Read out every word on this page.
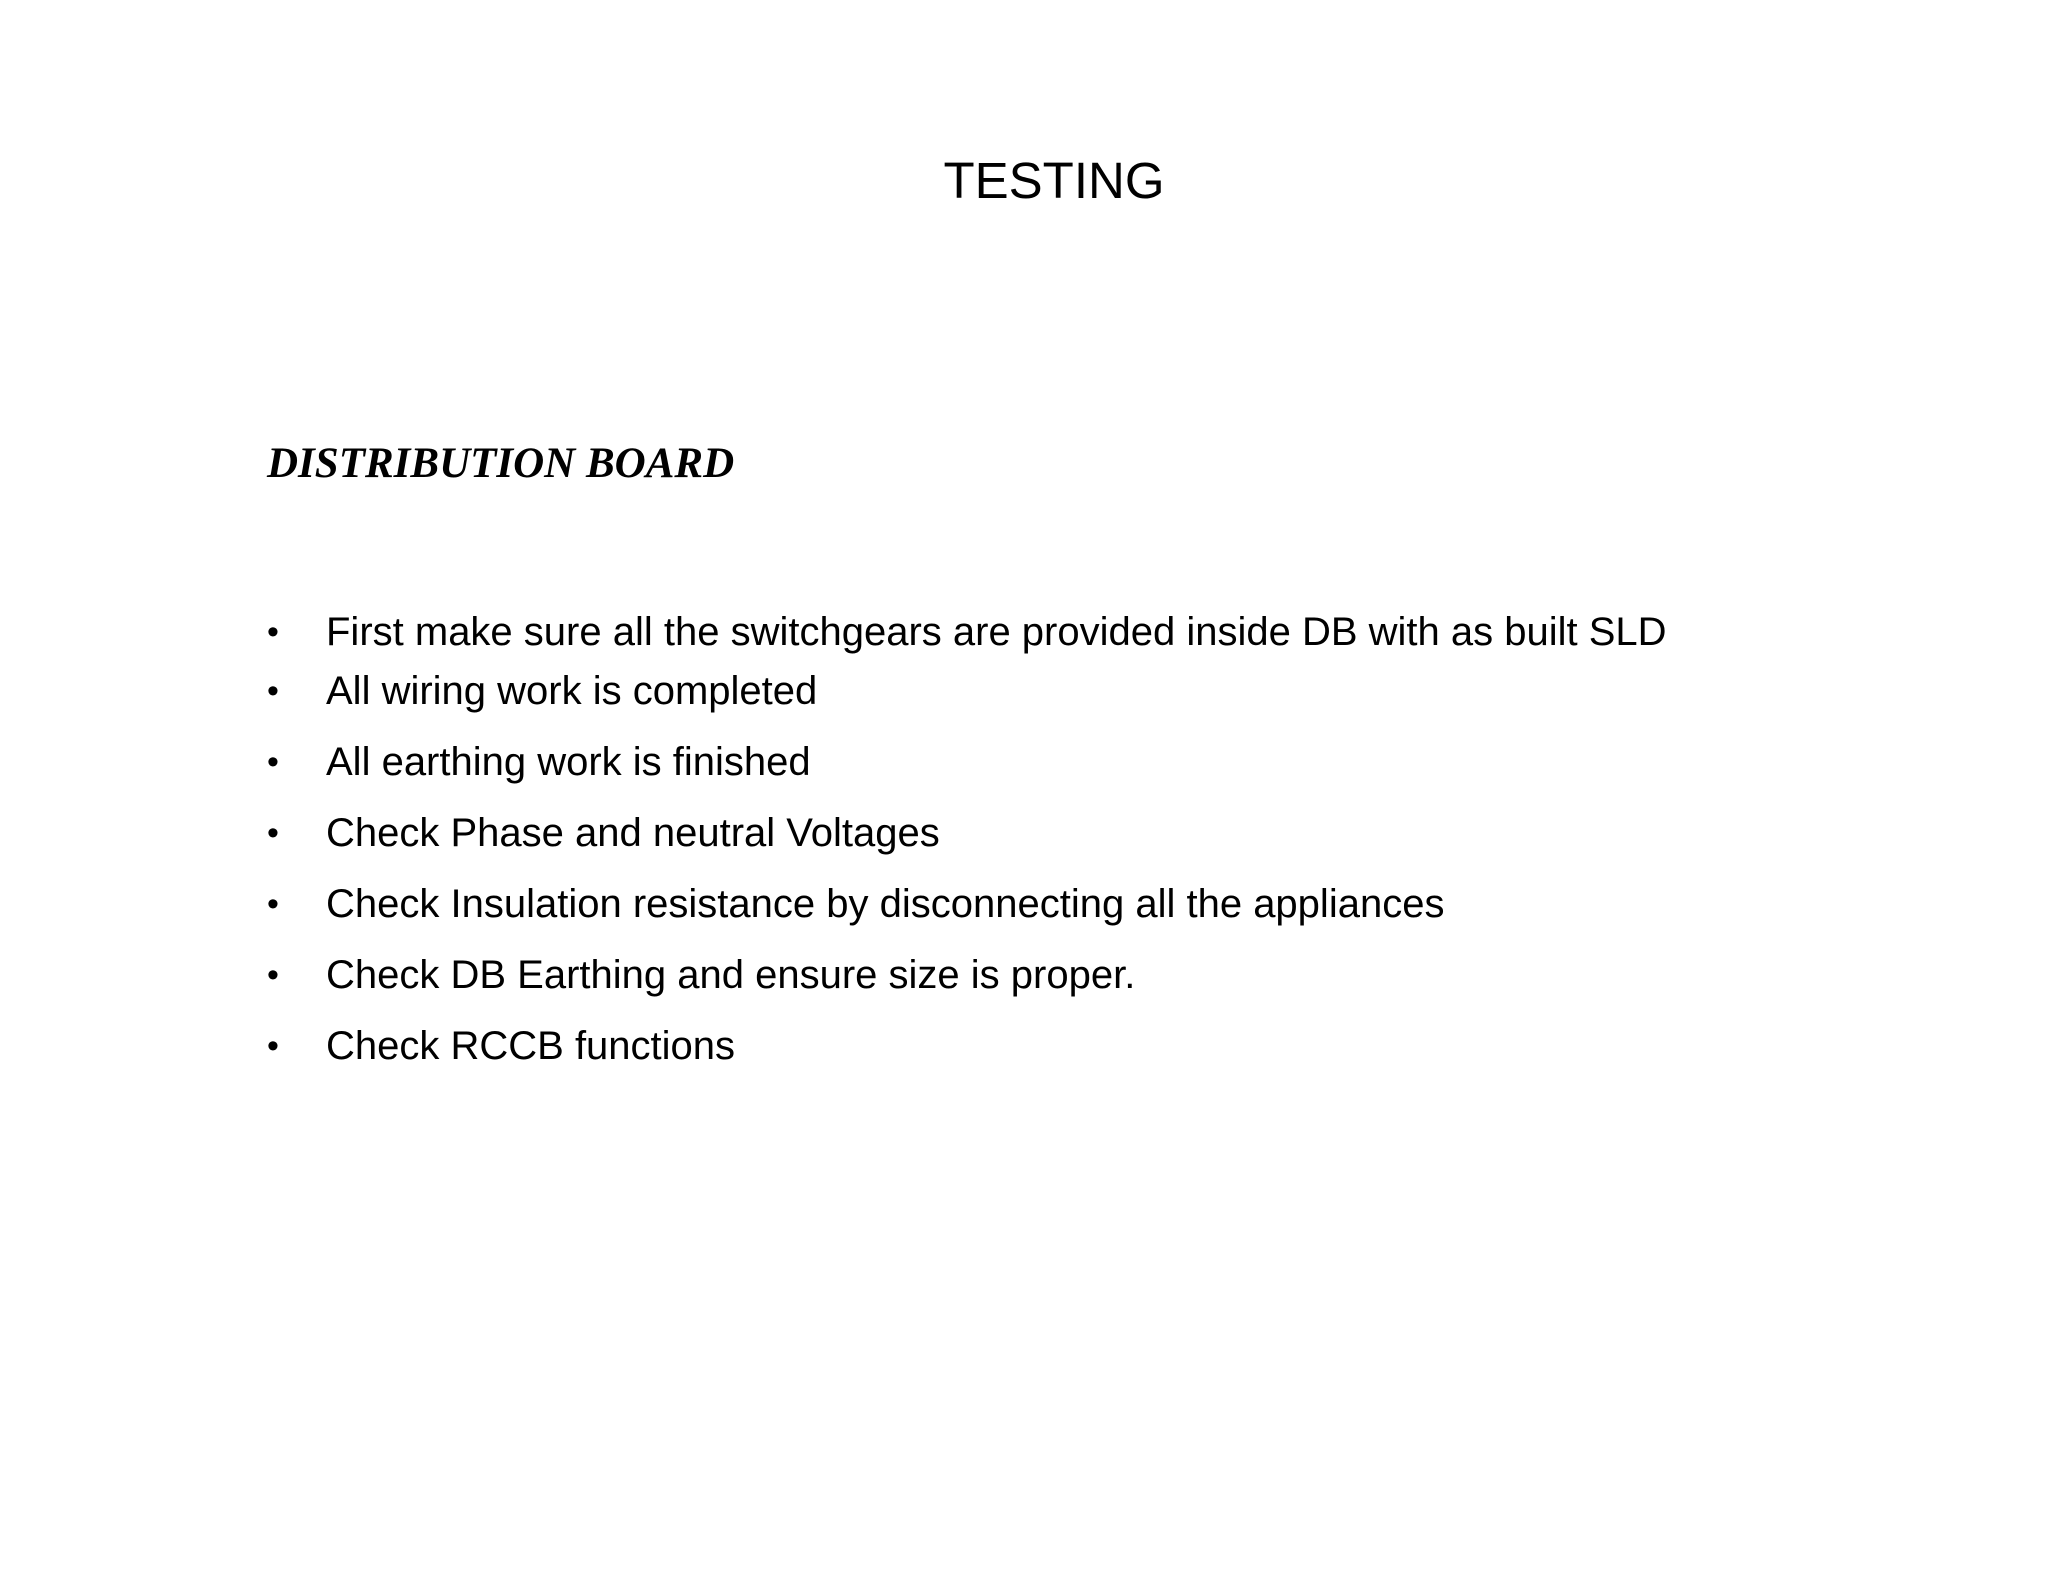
TESTING
DISTRIBUTION BOARD
• First make sure all the switchgears are provided inside DB with as built SLD
• All wiring work is completed
• All earthing work is finished
• Check Phase and neutral Voltages
• Check Insulation resistance by disconnecting all the appliances
• Check DB Earthing and ensure size is proper.
• Check RCCB functions
